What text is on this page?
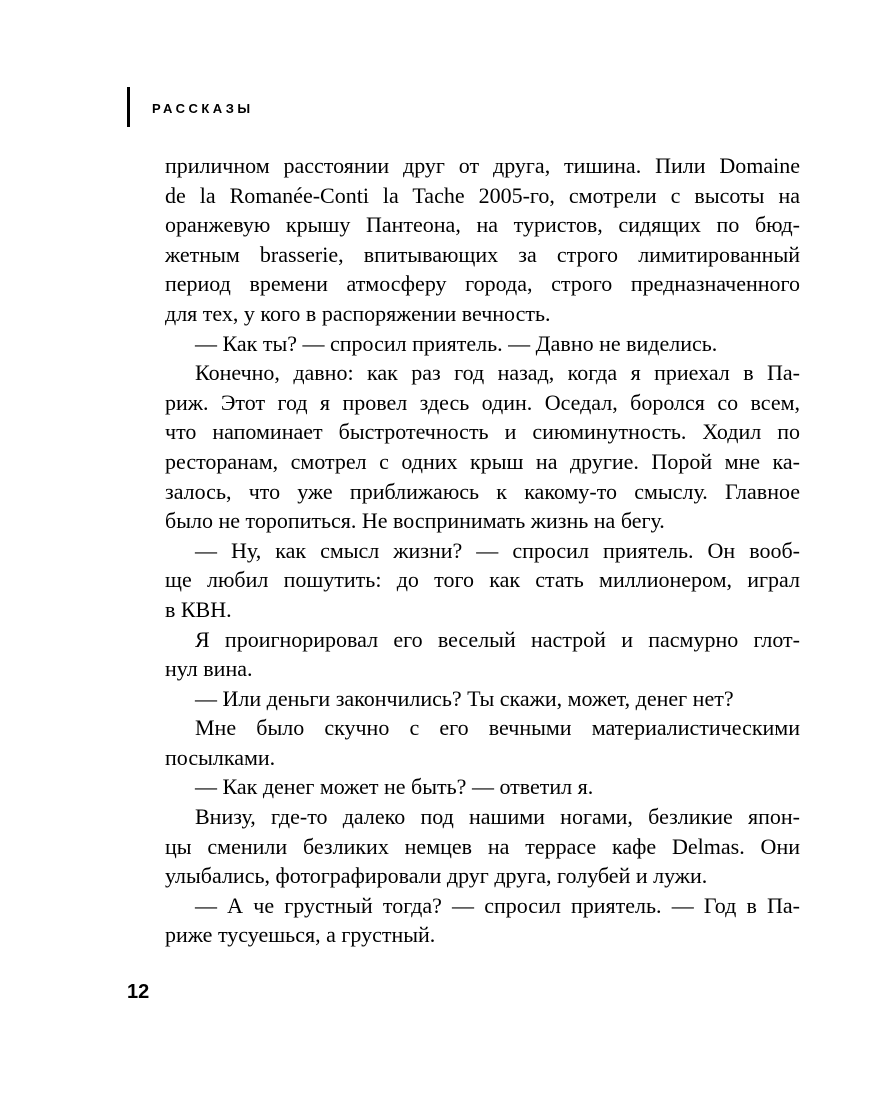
РАССКАЗЫ
приличном расстоянии друг от друга, тишина. Пили Domaine
de la Romanée-Conti la Tache 2005-го, смотрели с высоты на
оранжевую крышу Пантеона, на туристов, сидящих по бюд-
жетным brasserie, впитывающих за строго лимитированный
период времени атмосферу города, строго предназначенного
для тех, у кого в распоряжении вечность.
— Как ты? — спросил приятель. — Давно не виделись.
Конечно, давно: как раз год назад, когда я приехал в Па-
риж. Этот год я провел здесь один. Оседал, боролся со всем,
что напоминает быстротечность и сиюминутность. Ходил по
ресторанам, смотрел с одних крыш на другие. Порой мне ка-
залось, что уже приближаюсь к какому-то смыслу. Главное
было не торопиться. Не воспринимать жизнь на бегу.
— Ну, как смысл жизни? — спросил приятель. Он вооб-
ще любил пошутить: до того как стать миллионером, играл
в КВН.
Я проигнорировал его веселый настрой и пасмурно глот-
нул вина.
— Или деньги закончились? Ты скажи, может, денег нет?
Мне было скучно с его вечными материалистическими
посылками.
— Как денег может не быть? — ответил я.
Внизу, где-то далеко под нашими ногами, безликие япон-
цы сменили безликих немцев на террасе кафе Delmas. Они
улыбались, фотографировали друг друга, голубей и лужи.
— А че грустный тогда? — спросил приятель. — Год в Па-
риже тусуешься, а грустный.
12
